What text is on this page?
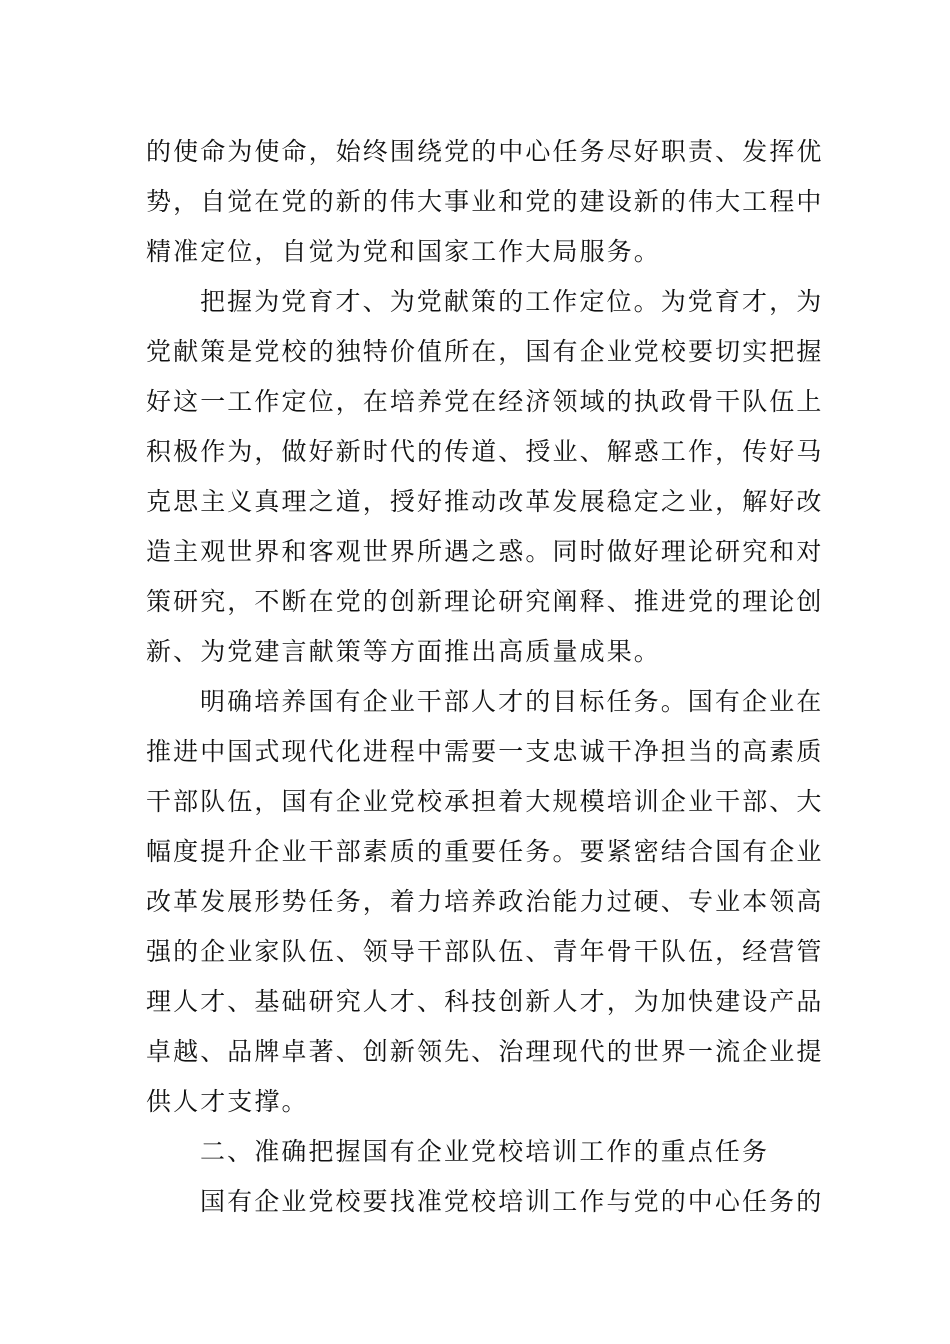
的使命为使命，始终围绕党的中心任务尽好职责、发挥优
势，自觉在党的新的伟大事业和党的建设新的伟大工程中
精准定位，自觉为党和国家工作大局服务。
把握为党育才、为党献策的工作定位。为党育才，为
党献策是党校的独特价值所在，国有企业党校要切实把握
好这一工作定位，在培养党在经济领域的执政骨干队伍上
积极作为，做好新时代的传道、授业、解惑工作，传好马
克思主义真理之道，授好推动改革发展稳定之业，解好改
造主观世界和客观世界所遇之惑。同时做好理论研究和对
策研究，不断在党的创新理论研究阐释、推进党的理论创
新、为党建言献策等方面推出高质量成果。
明确培养国有企业干部人才的目标任务。国有企业在
推进中国式现代化进程中需要一支忠诚干净担当的高素质
干部队伍，国有企业党校承担着大规模培训企业干部、大
幅度提升企业干部素质的重要任务。要紧密结合国有企业
改革发展形势任务，着力培养政治能力过硬、专业本领高
强的企业家队伍、领导干部队伍、青年骨干队伍，经营管
理人才、基础研究人才、科技创新人才，为加快建设产品
卓越、品牌卓著、创新领先、治理现代的世界一流企业提
供人才支撑。
二、准确把握国有企业党校培训工作的重点任务
国有企业党校要找准党校培训工作与党的中心任务的
